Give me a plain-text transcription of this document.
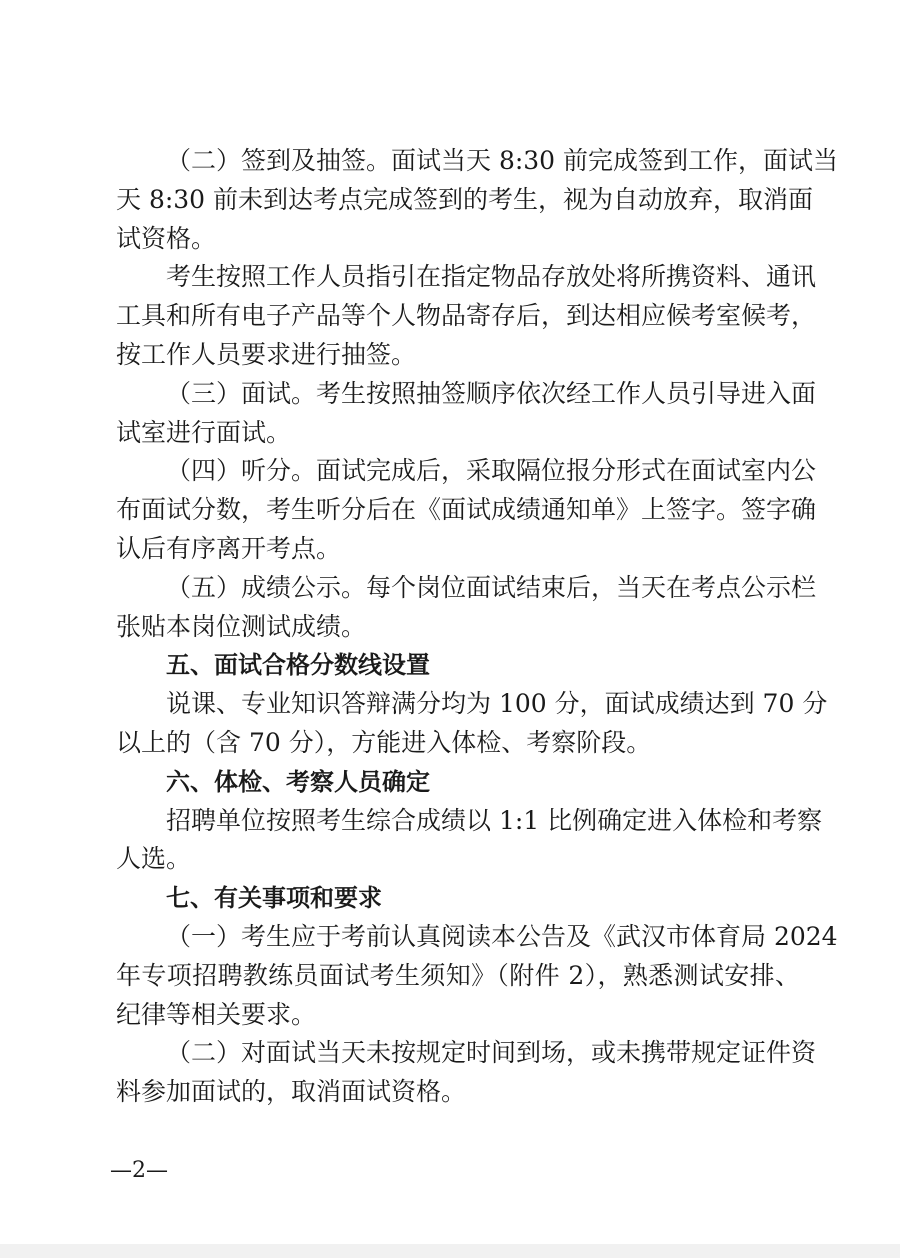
（二）签到及抽签。面试当天 8:30 前完成签到工作，面试当
天 8:30 前未到达考点完成签到的考生，视为自动放弃，取消面
试资格。
考生按照工作人员指引在指定物品存放处将所携资料、通讯
工具和所有电子产品等个人物品寄存后，到达相应候考室候考，
按工作人员要求进行抽签。
（三）面试。考生按照抽签顺序依次经工作人员引导进入面
试室进行面试。
（四）听分。面试完成后，采取隔位报分形式在面试室内公
布面试分数，考生听分后在《面试成绩通知单》上签字。签字确
认后有序离开考点。
（五）成绩公示。每个岗位面试结束后，当天在考点公示栏
张贴本岗位测试成绩。
五、面试合格分数线设置
说课、专业知识答辩满分均为 100 分，面试成绩达到 70 分
以上的（含 70 分），方能进入体检、考察阶段。
六、体检、考察人员确定
招聘单位按照考生综合成绩以 1:1 比例确定进入体检和考察
人选。
七、有关事项和要求
（一）考生应于考前认真阅读本公告及《武汉市体育局 2024
年专项招聘教练员面试考生须知》（附件 2），熟悉测试安排、
纪律等相关要求。
（二）对面试当天未按规定时间到场，或未携带规定证件资
料参加面试的，取消面试资格。
—2—
